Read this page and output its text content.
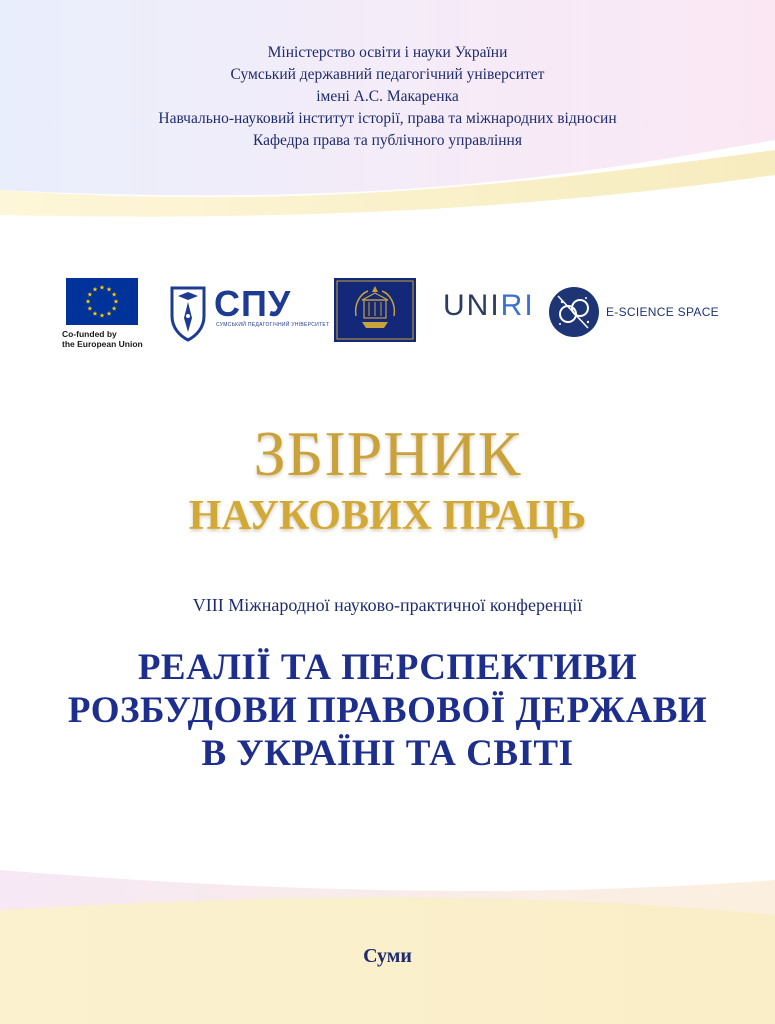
Міністерство освіти і науки України
Сумський державний педагогічний університет
імені А.С. Макаренка
Навчально-науковий інститут історії, права та міжнародних відносин
Кафедра права та публічного управління
Co-funded by
the European Union
СПУ
СУМСЬКИЙ ПЕДАГОГІЧНИЙ УНІВЕРСИТЕТ
UNIRI	E-SCIENCE SPACE
ЗБІРНИК
НАУКОВИХ ПРАЦЬ
VIII Міжнародної науково-практичної конференції
РЕАЛІЇ ТА ПЕРСПЕКТИВИ
РОЗБУДОВИ ПРАВОВОЇ ДЕРЖАВИ
В УКРАЇНІ ТА СВІТІ
Суми
